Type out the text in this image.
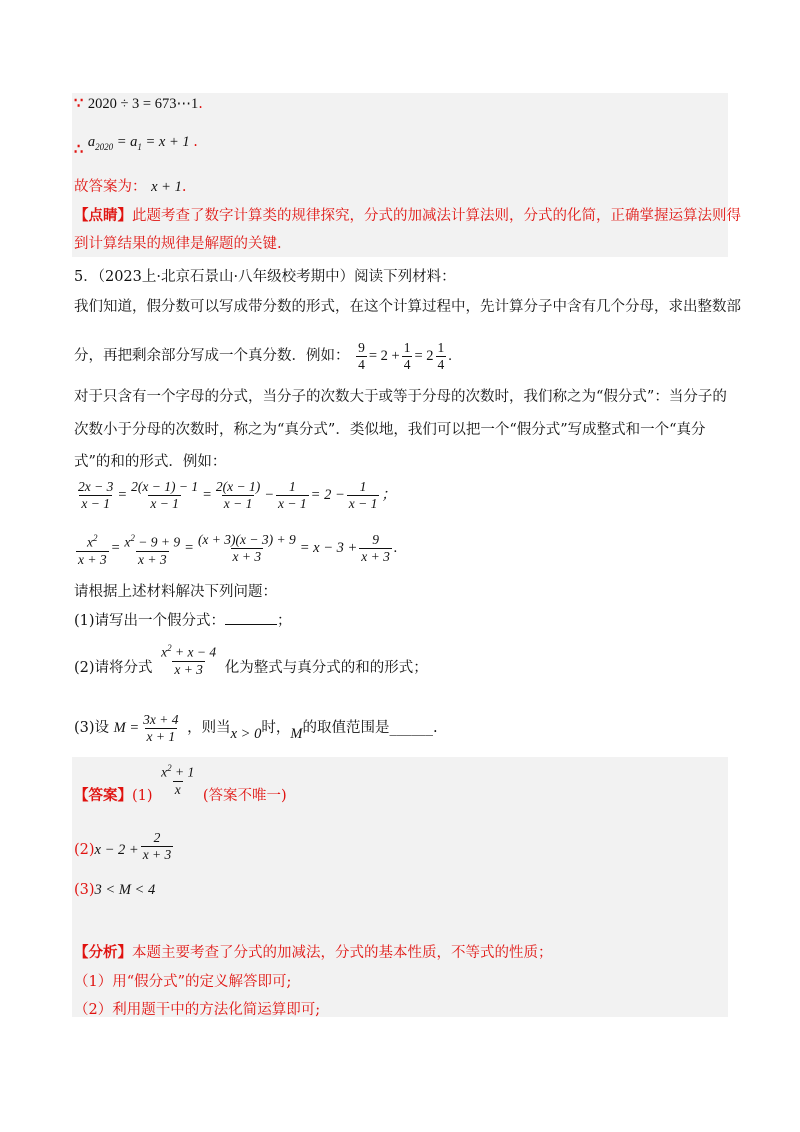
∵ 2020 ÷ 3 = 673⋯1.
∴ $a_{2020} = a_1 = x + 1$ .
故答案为： x + 1.
【点睛】此题考查了数字计算类的规律探究，分式的加减法计算法则，分式的化简，正确掌握运算法则得
到计算结果的规律是解题的关键.
5．（2023上·北京石景山·八年级校考期中）阅读下列材料：
我们知道，假分数可以写成带分数的形式，在这个计算过程中，先计算分子中含有几个分母，求出整数部
分，再把剩余部分写成一个真分数．例如： $\frac{9}{4} = 2 + \frac{1}{4} = 2 \frac{1}{4}$ .
对于只含有一个字母的分式，当分子的次数大于或等于分母的次数时，我们称之为“假分式”：当分子的
次数小于分母的次数时，称之为“真分式”．类似地，我们可以把一个“假分式”写成整式和一个“真分
式”的和的形式．例如：
$\frac{2x - 3}{x - 1} = \frac{2(x - 1) - 1}{x - 1} = \frac{2(x - 1)}{x - 1} - \frac{1}{x - 1} = 2 - \frac{1}{x - 1}$ ；
$\frac{x^2}{x + 3} = \frac{x^2 - 9 + 9}{x + 3} = \frac{(x + 3)(x - 3) + 9}{x + 3} = x - 3 + \frac{9}{x + 3}$ .
请根据上述材料解决下列问题：
(1)请写出一个假分式：	；
(2)请将分式 $\frac{x^2 + x - 4}{x + 3}$ 化为整式与真分式的和的形式；
(3)设 $M = \frac{3x + 4}{x + 1}$ ，则当x > 0时，M的取值范围是______.
【答案】$(1) \frac{x^2 + 1}{x}$ (答案不唯一)
$(2)x - 2 + \frac{2}{x + 3}$
(3)3 < M < 4
【分析】本题主要考查了分式的加减法，分式的基本性质，不等式的性质；
（1）用“假分式”的定义解答即可;
（2）利用题干中的方法化简运算即可;
